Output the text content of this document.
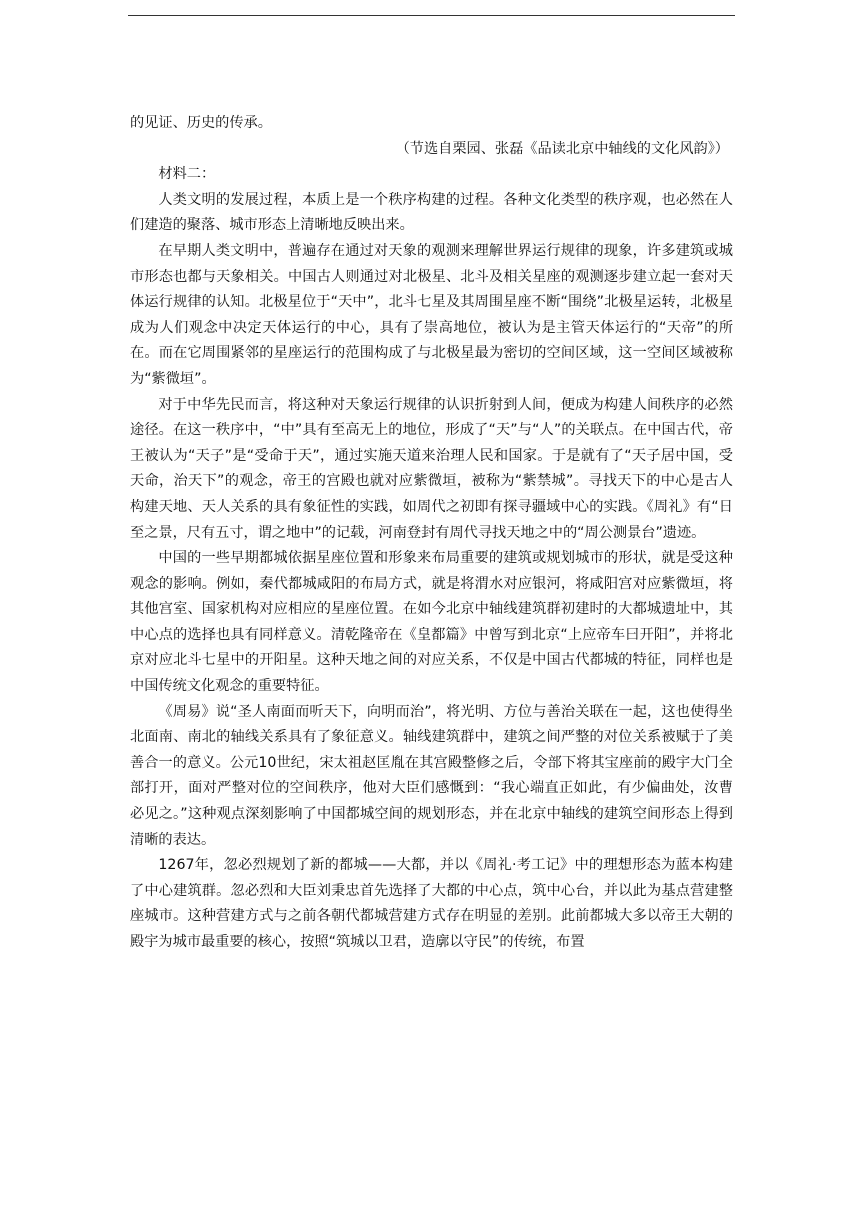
的见证、历史的传承。

（节选自栗园、张磊《品读北京中轴线的文化风韵》）

材料二：

人类文明的发展过程，本质上是一个秩序构建的过程。各种文化类型的秩序观，也必然在人们建造的聚落、城市形态上清晰地反映出来。

在早期人类文明中，普遍存在通过对天象的观测来理解世界运行规律的现象，许多建筑或城市形态也都与天象相关。中国古人则通过对北极星、北斗及相关星座的观测逐步建立起一套对天体运行规律的认知。北极星位于“天中”，北斗七星及其周围星座不断“围绕”北极星运转，北极星成为人们观念中决定天体运行的中心，具有了崇高地位，被认为是主管天体运行的“天帝”的所在。而在它周围紧邻的星座运行的范围构成了与北极星最为密切的空间区域，这一空间区域被称为“紫微垣”。

对于中华先民而言，将这种对天象运行规律的认识折射到人间，便成为构建人间秩序的必然途径。在这一秩序中，“中”具有至高无上的地位，形成了“天”与“人”的关联点。在中国古代，帝王被认为“天子”是“受命于天”，通过实施天道来治理人民和国家。于是就有了“天子居中国，受天命，治天下”的观念，帝王的宫殿也就对应紫微垣，被称为“紫禁城”。寻找天下的中心是古人构建天地、天人关系的具有象征性的实践，如周代之初即有探寻疆域中心的实践。《周礼》有“日至之景，尺有五寸，谓之地中”的记载，河南登封有周代寻找天地之中的“周公测景台”遗迹。

中国的一些早期都城依据星座位置和形象来布局重要的建筑或规划城市的形状，就是受这种观念的影响。例如，秦代都城咸阳的布局方式，就是将渭水对应银河，将咸阳宫对应紫微垣，将其他宫室、国家机构对应相应的星座位置。在如今北京中轴线建筑群初建时的大都城遗址中，其中心点的选择也具有同样意义。清乾隆帝在《皇都篇》中曾写到北京“上应帝车曰开阳”，并将北京对应北斗七星中的开阳星。这种天地之间的对应关系，不仅是中国古代都城的特征，同样也是中国传统文化观念的重要特征。

《周易》说“圣人南面而听天下，向明而治”，将光明、方位与善治关联在一起，这也使得坐北面南、南北的轴线关系具有了象征意义。轴线建筑群中，建筑之间严整的对位关系被赋于了美善合一的意义。公元10世纪，宋太祖赵匡胤在其宫殿整修之后，令部下将其宝座前的殿宇大门全部打开，面对严整对位的空间秩序，他对大臣们感慨到：“我心端直正如此，有少偏曲处，汝曹必见之。”这种观点深刻影响了中国都城空间的规划形态，并在北京中轴线的建筑空间形态上得到清晰的表达。

1267年，忽必烈规划了新的都城——大都，并以《周礼·考工记》中的理想形态为蓝本构建了中心建筑群。忽必烈和大臣刘秉忠首先选择了大都的中心点，筑中心台，并以此为基点营建整座城市。这种营建方式与之前各朝代都城营建方式存在明显的差别。此前都城大多以帝王大朝的殿宇为城市最重要的核心，按照“筑城以卫君，造廓以守民”的传统，布置
